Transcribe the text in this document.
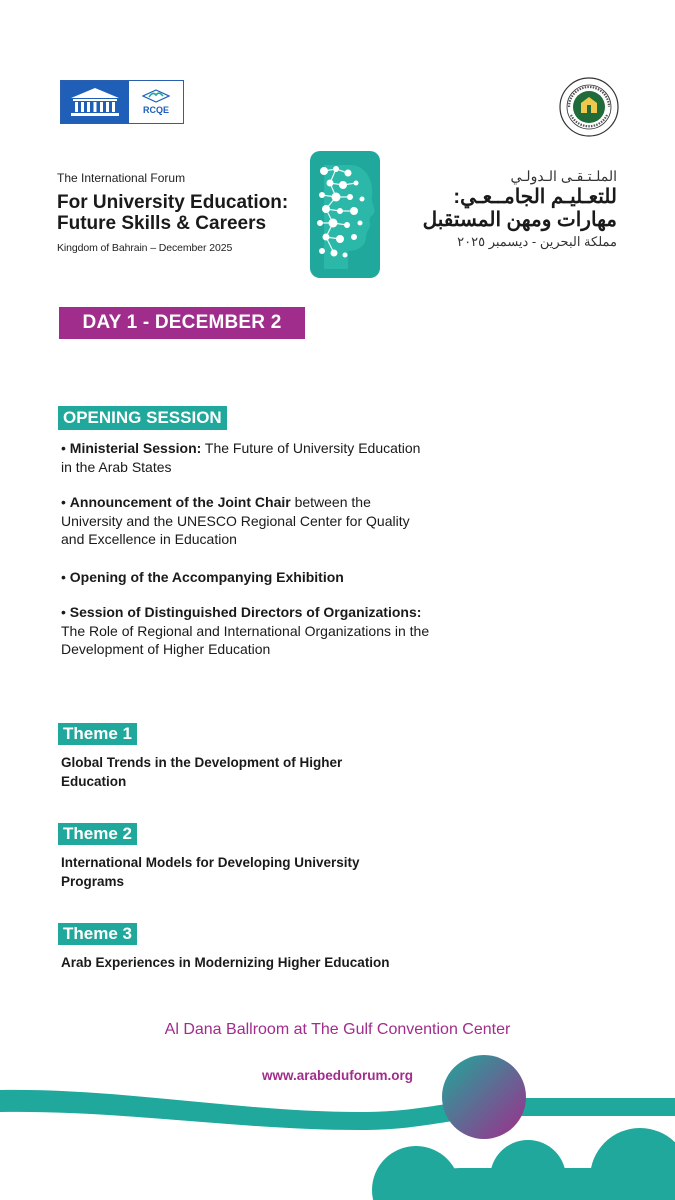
RCQE
The International Forum
For University Education:
Future Skills & Careers
Kingdom of Bahrain – December 2025
الملـتـقـى الـدولـي
للتعـليـم الجامــعـي:
مهارات ومهن المستقبل
مملكة البحرين - ديسمبر ٢٠٢٥
DAY 1 - DECEMBER 2
OPENING SESSION
• Ministerial Session: The Future of University Education in the Arab States
• Announcement of the Joint Chair between the University and the UNESCO Regional Center for Quality and Excellence in Education
• Opening of the Accompanying Exhibition
• Session of Distinguished Directors of Organizations: The Role of Regional and International Organizations in the Development of Higher Education
Theme 1
Global Trends in the Development of Higher Education
Theme 2
International Models for Developing University Programs
Theme 3
Arab Experiences in Modernizing Higher Education
Al Dana Ballroom at The Gulf Convention Center
www.arabeduforum.org
